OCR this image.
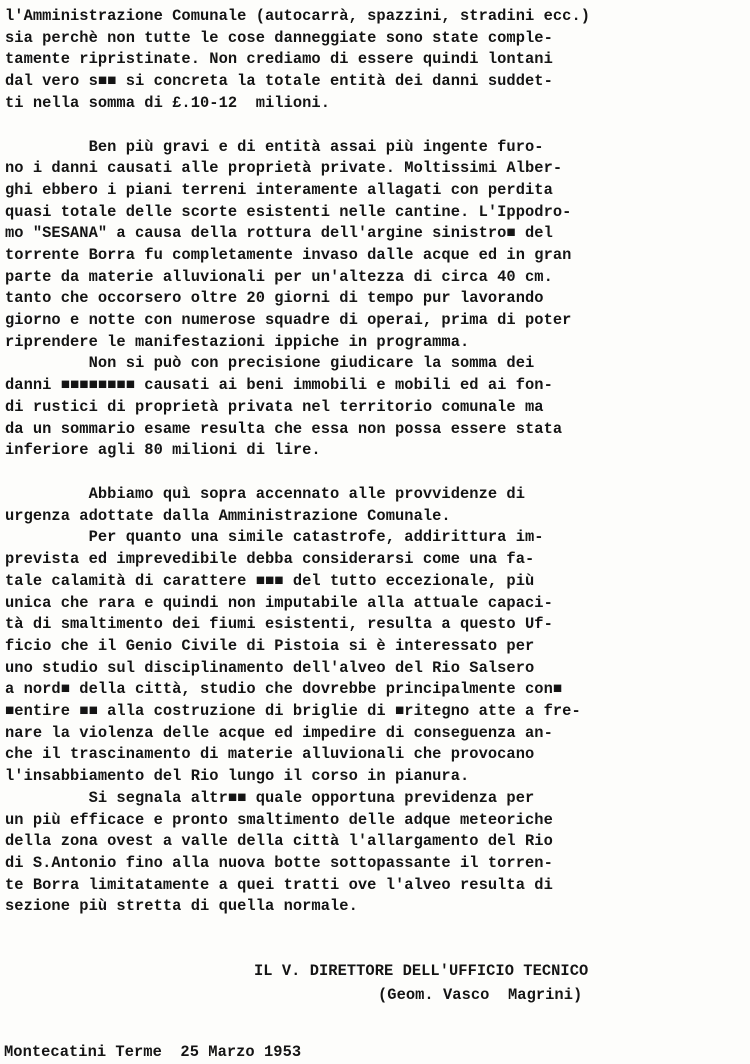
l'Amministrazione Comunale (autocarrà, spazzini, stradini ecc.)
sia perchè non tutte le cose danneggiate sono state comple-
tamente ripristinate. Non crediamo di essere quindi lontani
dal vero s■■ si concreta la totale entità dei danni suddet-
ti nella somma di £.10-12  milioni.
Ben più gravi e di entità assai più ingente furo-
no i danni causati alle proprietà private. Moltissimi Alber-
ghi ebbero i piani terreni interamente allagati con perdita
quasi totale delle scorte esistenti nelle cantine. L'Ippodro-
mo "SESANA" a causa della rottura dell'argine sinistro■ del
torrente Borra fu completamente invaso dalle acque ed in gran
parte da materie alluvionali per un'altezza di circa 40 cm.
tanto che occorsero oltre 20 giorni di tempo pur lavorando
giorno e notte con numerose squadre di operai, prima di poter
riprendere le manifestazioni ippiche in programma.
Non si può con precisione giudicare la somma dei
danni ■■■■■■■■ causati ai beni immobili e mobili ed ai fon-
di rustici di proprietà privata nel territorio comunale ma
da un sommario esame resulta che essa non possa essere stata
inferiore agli 80 milioni di lire.
Abbiamo quì sopra accennato alle provvidenze di
urgenza adottate dalla Amministrazione Comunale.
Per quanto una simile catastrofe, addirittura im-
prevista ed imprevedibile debba considerarsi come una fa-
tale calamità di carattere ■■■ del tutto eccezionale, più
unica che rara e quindi non imputabile alla attuale capaci-
tà di smaltimento dei fiumi esistenti, resulta a questo Uf-
ficio che il Genio Civile di Pistoia si è interessato per
uno studio sul disciplinamento dell'alveo del Rio Salsero
a nord■ della città, studio che dovrebbe principalmente con■
■entire ■■ alla costruzione di briglie di ■ritegno atte a fre-
nare la violenza delle acque ed impedire di conseguenza an-
che il trascinamento di materie alluvionali che provocano
l'insabbiamento del Rio lungo il corso in pianura.
Si segnala altr■■ quale opportuna previdenza per
un più efficace e pronto smaltimento delle adque meteoriche
della zona ovest a valle della città l'allargamento del Rio
di S.Antonio fino alla nuova botte sottopassante il torren-
te Borra limitatamente a quei tratti ove l'alveo resulta di
sezione più stretta di quella normale.
IL V. DIRETTORE DELL'UFFICIO TECNICO
(Geom. Vasco  Magrini)
Montecatini Terme  25 Marzo 1953
